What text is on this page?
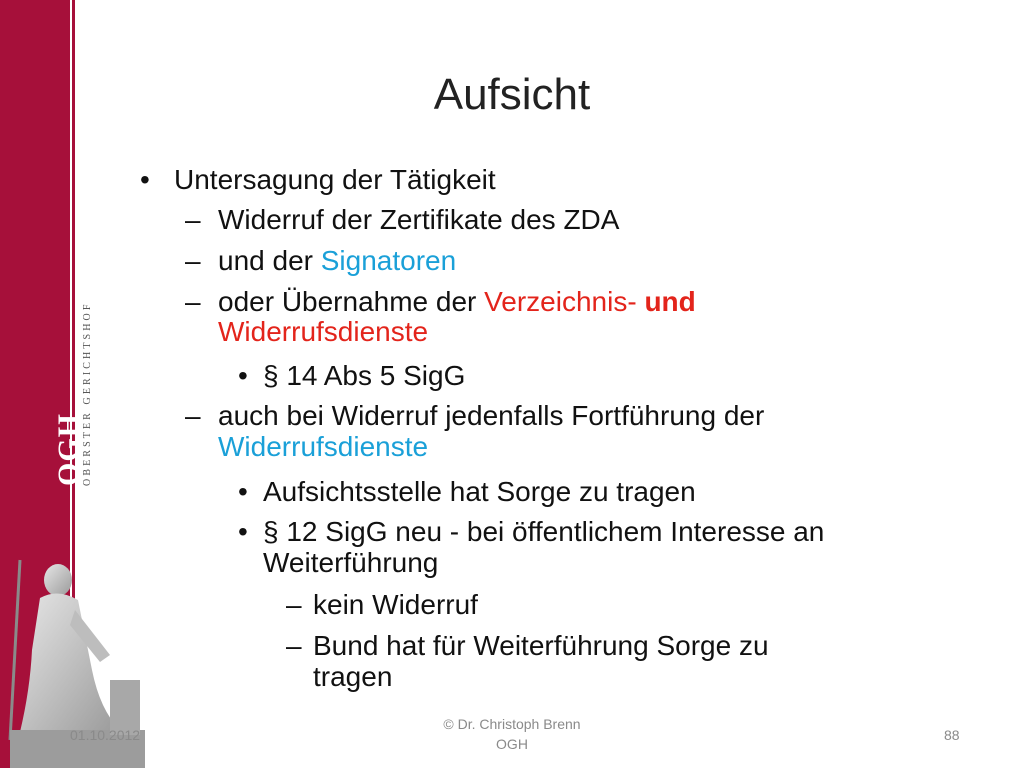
OGH
OBERSTER GERICHTSHOF
Aufsicht
• Untersagung der Tätigkeit
– Widerruf der Zertifikate des ZDA
– und der Signatoren
– oder Übernahme der Verzeichnis- und
Widerrufsdienste
• § 14 Abs 5 SigG
– auch bei Widerruf jedenfalls Fortführung der
Widerrufsdienste
• Aufsichtsstelle hat Sorge zu tragen
• § 12 SigG neu - bei öffentlichem Interesse an
Weiterführung
– kein Widerruf
– Bund hat für Weiterführung Sorge zu
tragen
01.10.2012
© Dr. Christoph Brenn
OGH
88
